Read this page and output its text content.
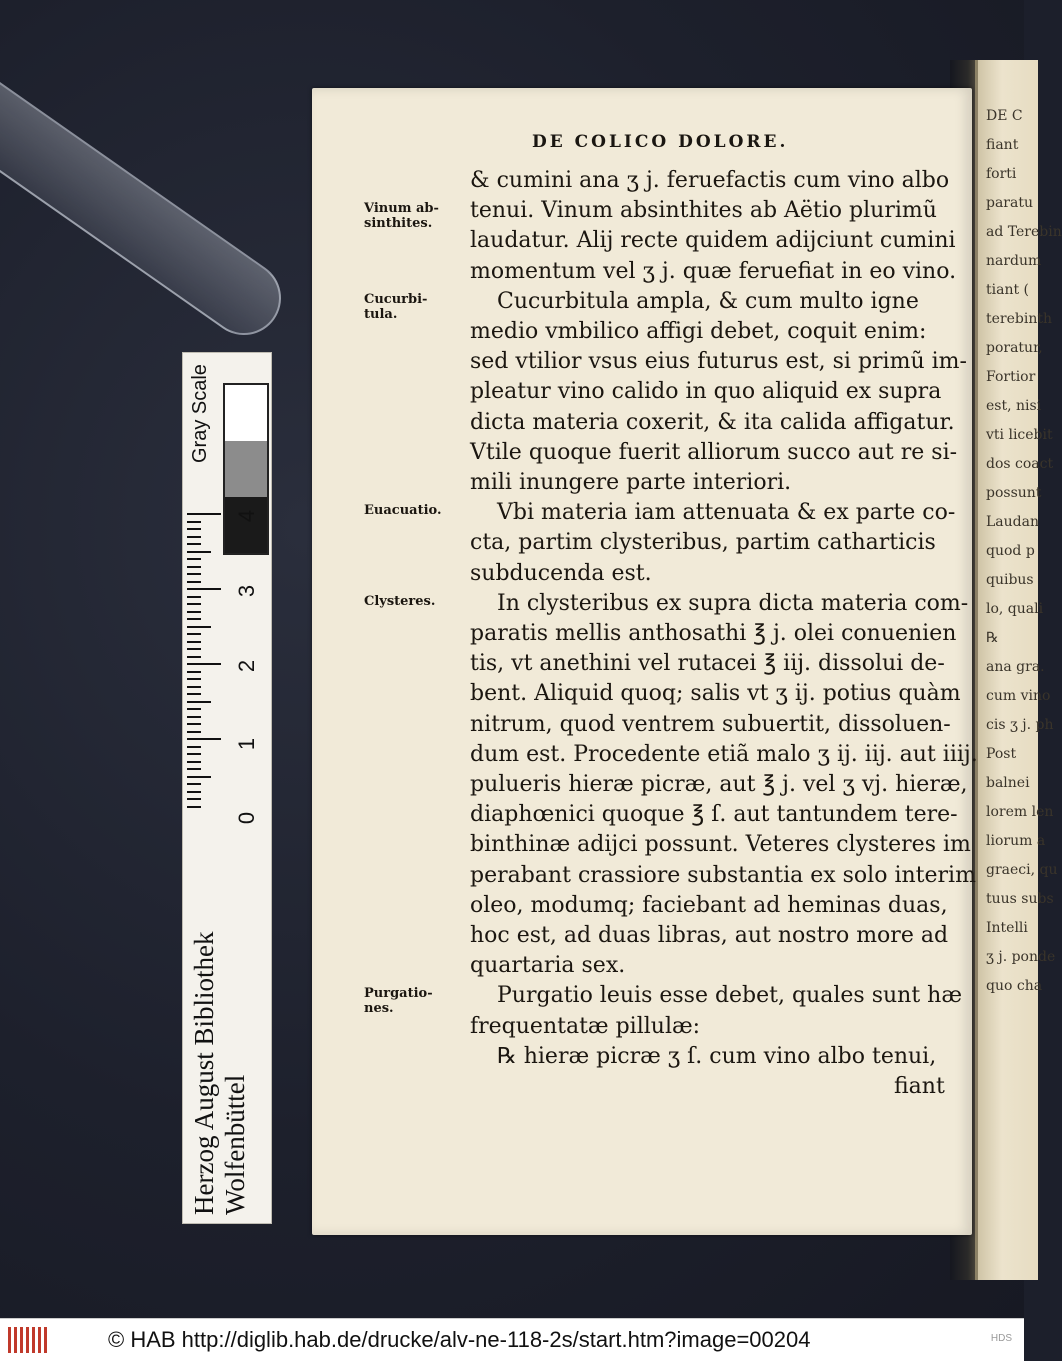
DE C
fiant
forti
paratu
ad Terebin
nardum
tiant (
terebinth
poratur,
Fortior
est, nisi
vti licebit
dos coact
possunt
Laudan
quod p
quibus
lo, quali
℞
ana gra.
cum vino
cis ʒ j. ph
Post
balnei
lorem len
liorum a
graeci, qu
tuus subs
Intelli
ʒ j. ponde
quo cha
DE COLICO DOLORE.
& cumini ana ʒ j. feruefactis cum vino albo
tenui. Vinum absinthites ab Aëtio plurimũ
laudatur. Alij recte quidem adijciunt cumini
momentum vel ʒ j. quæ feruefiat in eo vino.
Cucurbitula ampla, & cum multo igne
medio vmbilico affigi debet, coquit enim:
sed vtilior vsus eius futurus est, si primũ im-
pleatur vino calido in quo aliquid ex supra
dicta materia coxerit, & ita calida affigatur.
Vtile quoque fuerit alliorum succo aut re si-
mili inungere parte interiori.
Vbi materia iam attenuata & ex parte co-
cta, partim clysteribus, partim catharticis
subducenda est.
In clysteribus ex supra dicta materia com-
paratis mellis anthosathi ℥ j. olei conuenien
tis, vt anethini vel rutacei ℥ iij. dissolui de-
bent. Aliquid quoq; salis vt ʒ ij. potius quàm
nitrum, quod ventrem subuertit, dissoluen-
dum est. Procedente etiã malo ʒ ij. iij. aut iiij.
pulueris hieræ picræ, aut ℥ j. vel ʒ vj. hieræ,
diaphœnici quoque ℥ ſ. aut tantundem tere-
binthinæ adijci possunt. Veteres clysteres im
perabant crassiore substantia ex solo interim
oleo, modumq; faciebant ad heminas duas,
hoc est, ad duas libras, aut nostro more ad
quartaria sex.
Purgatio leuis esse debet, quales sunt hæ
frequentatæ pillulæ:
℞ hieræ picræ ʒ ſ. cum vino albo tenui,
fiant
Vinum ab-
sinthites.
Cucurbi-
tula.
Euacuatio.
Clysteres.
Purgatio-
nes.
Gray Scale
4
3
2
1
0
Herzog August Bibliothek Wolfenbüttel
© HAB http://diglib.hab.de/drucke/alv-ne-118-2s/start.htm?image=00204	HDS
